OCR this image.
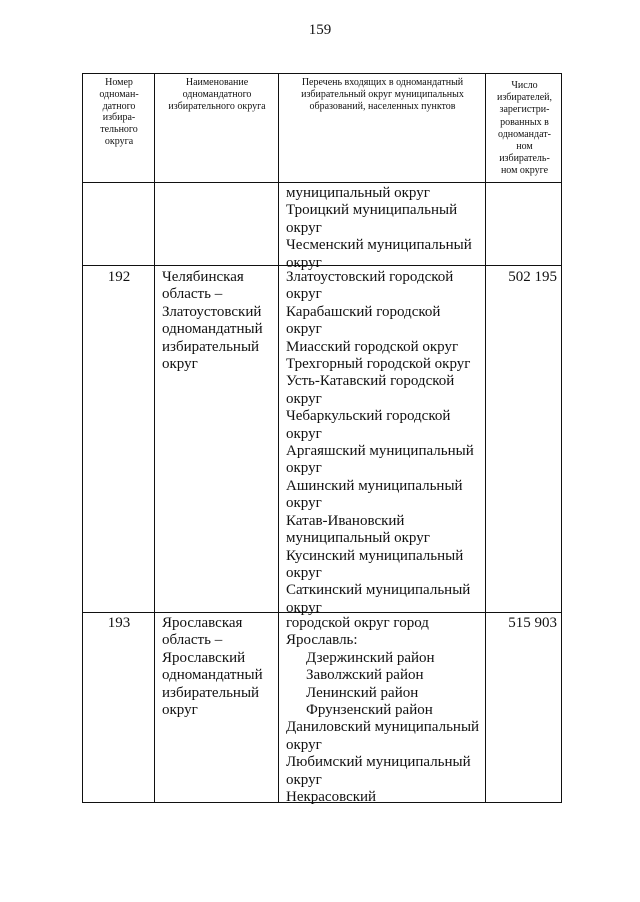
159
Номер
одноман-
датного
избира-
тельного
округа
Наименование
одномандатного
избирательного округа
Перечень входящих в одномандатный
избирательный округ муниципальных
образований, населенных пунктов
Число
избирателей,
зарегистри-
рованных в
одномандат-
ном
избиратель-
ном округе
муниципальный округ
Троицкий муниципальный
округ
Чесменский муниципальный
округ
192	Челябинская
область –
Златоустовский
одномандатный
избирательный
округ
Златоустовский городской
округ
Карабашский городской
округ
Миасский городской округ
Трехгорный городской округ
Усть-Катавский городской
округ
Чебаркульский городской
округ
Аргаяшский муниципальный
округ
Ашинский муниципальный
округ
Катав-Ивановский
муниципальный округ
Кусинский муниципальный
округ
Саткинский муниципальный
округ
502 195
193	Ярославская
область –
Ярославский
одномандатный
избирательный
округ
городской округ город
Ярославль:
Дзержинский район
Заволжский район
Ленинский район
Фрунзенский район
Даниловский муниципальный
округ
Любимский муниципальный
округ
Некрасовский
515 903
